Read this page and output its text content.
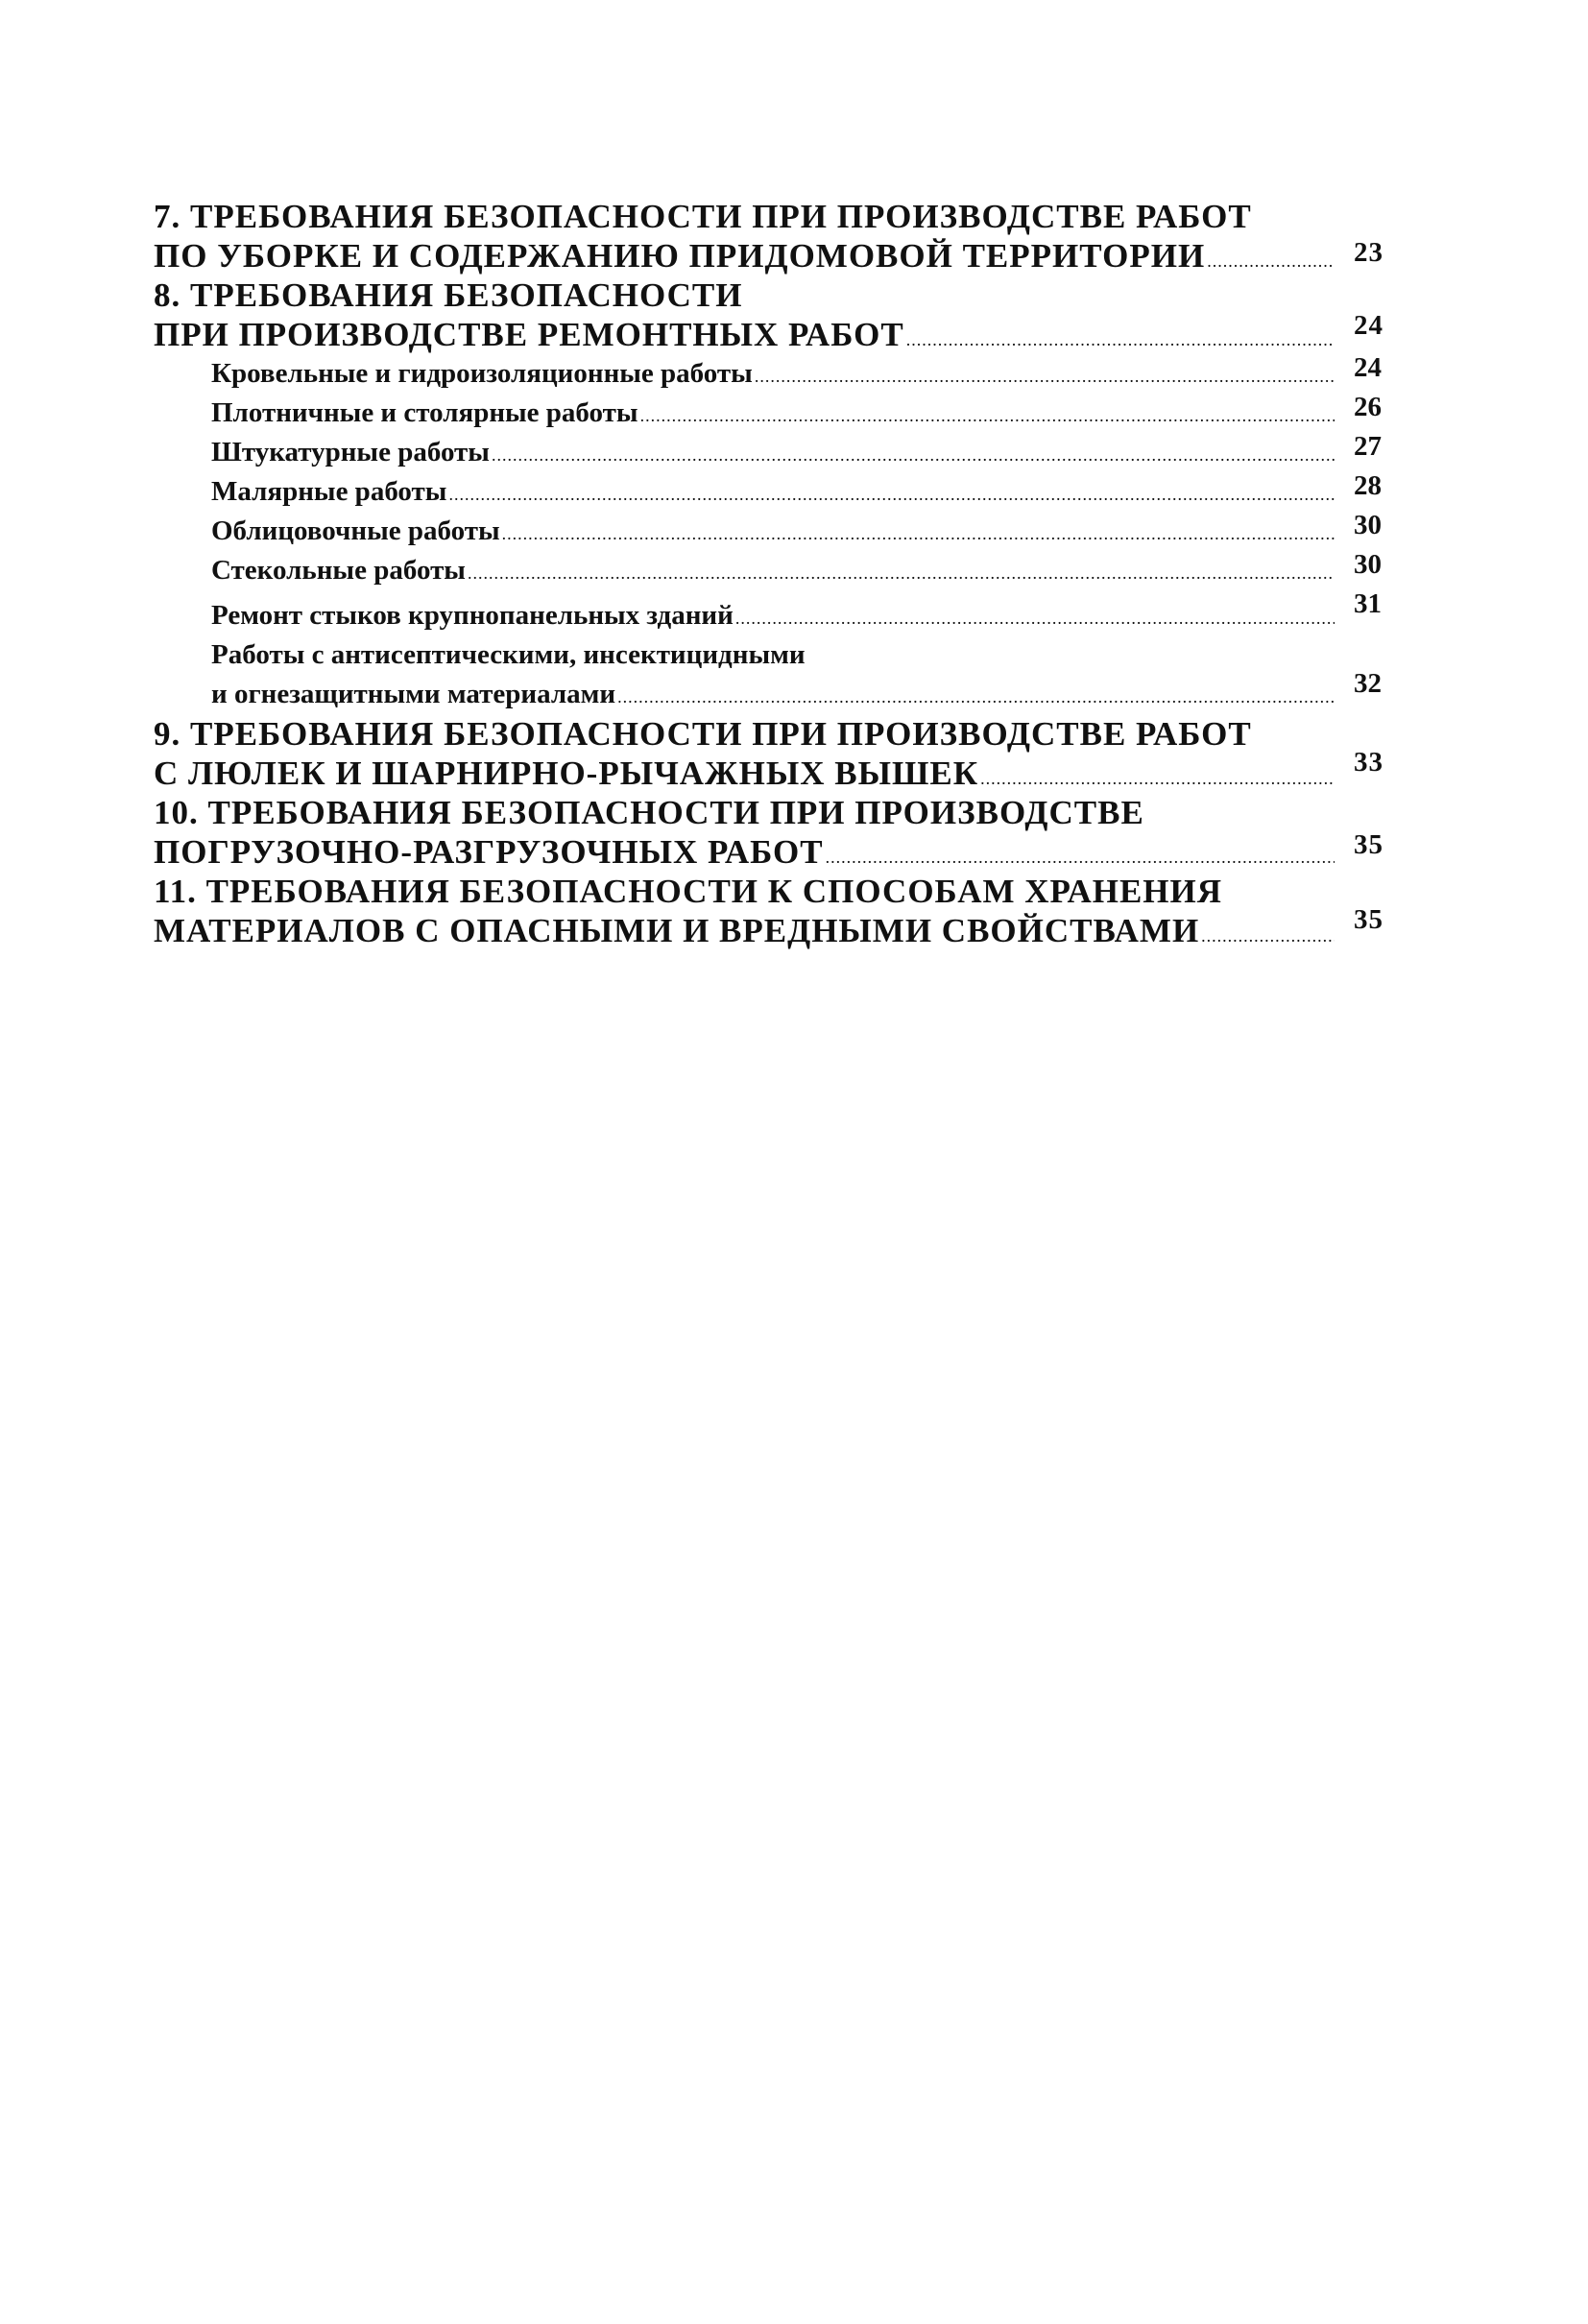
7. ТРЕБОВАНИЯ БЕЗОПАСНОСТИ ПРИ ПРОИЗВОДСТВЕ РАБОТ
ПО УБОРКЕ И СОДЕРЖАНИЮ ПРИДОМОВОЙ ТЕРРИТОРИИ .....	23
8. ТРЕБОВАНИЯ БЕЗОПАСНОСТИ
ПРИ ПРОИЗВОДСТВЕ РЕМОНТНЫХ РАБОТ .....	24
Кровельные и гидроизоляционные работы .....	24
Плотничные и столярные работы .....	26
Штукатурные работы .....	27
Малярные работы .....	28
Облицовочные работы .....	30
Стекольные работы .....	30
Ремонт стыков крупнопанельных зданий .....	31
Работы с антисептическими, инсектицидными
и огнезащитными материалами .....	32
9. ТРЕБОВАНИЯ БЕЗОПАСНОСТИ ПРИ ПРОИЗВОДСТВЕ РАБОТ
С ЛЮЛЕК И ШАРНИРНО-РЫЧАЖНЫХ ВЫШЕК .....	33
10. ТРЕБОВАНИЯ БЕЗОПАСНОСТИ ПРИ ПРОИЗВОДСТВЕ
ПОГРУЗОЧНО-РАЗГРУЗОЧНЫХ РАБОТ .....	35
11. ТРЕБОВАНИЯ БЕЗОПАСНОСТИ К СПОСОБАМ ХРАНЕНИЯ
МАТЕРИАЛОВ С ОПАСНЫМИ И ВРЕДНЫМИ СВОЙСТВАМИ .....	35
